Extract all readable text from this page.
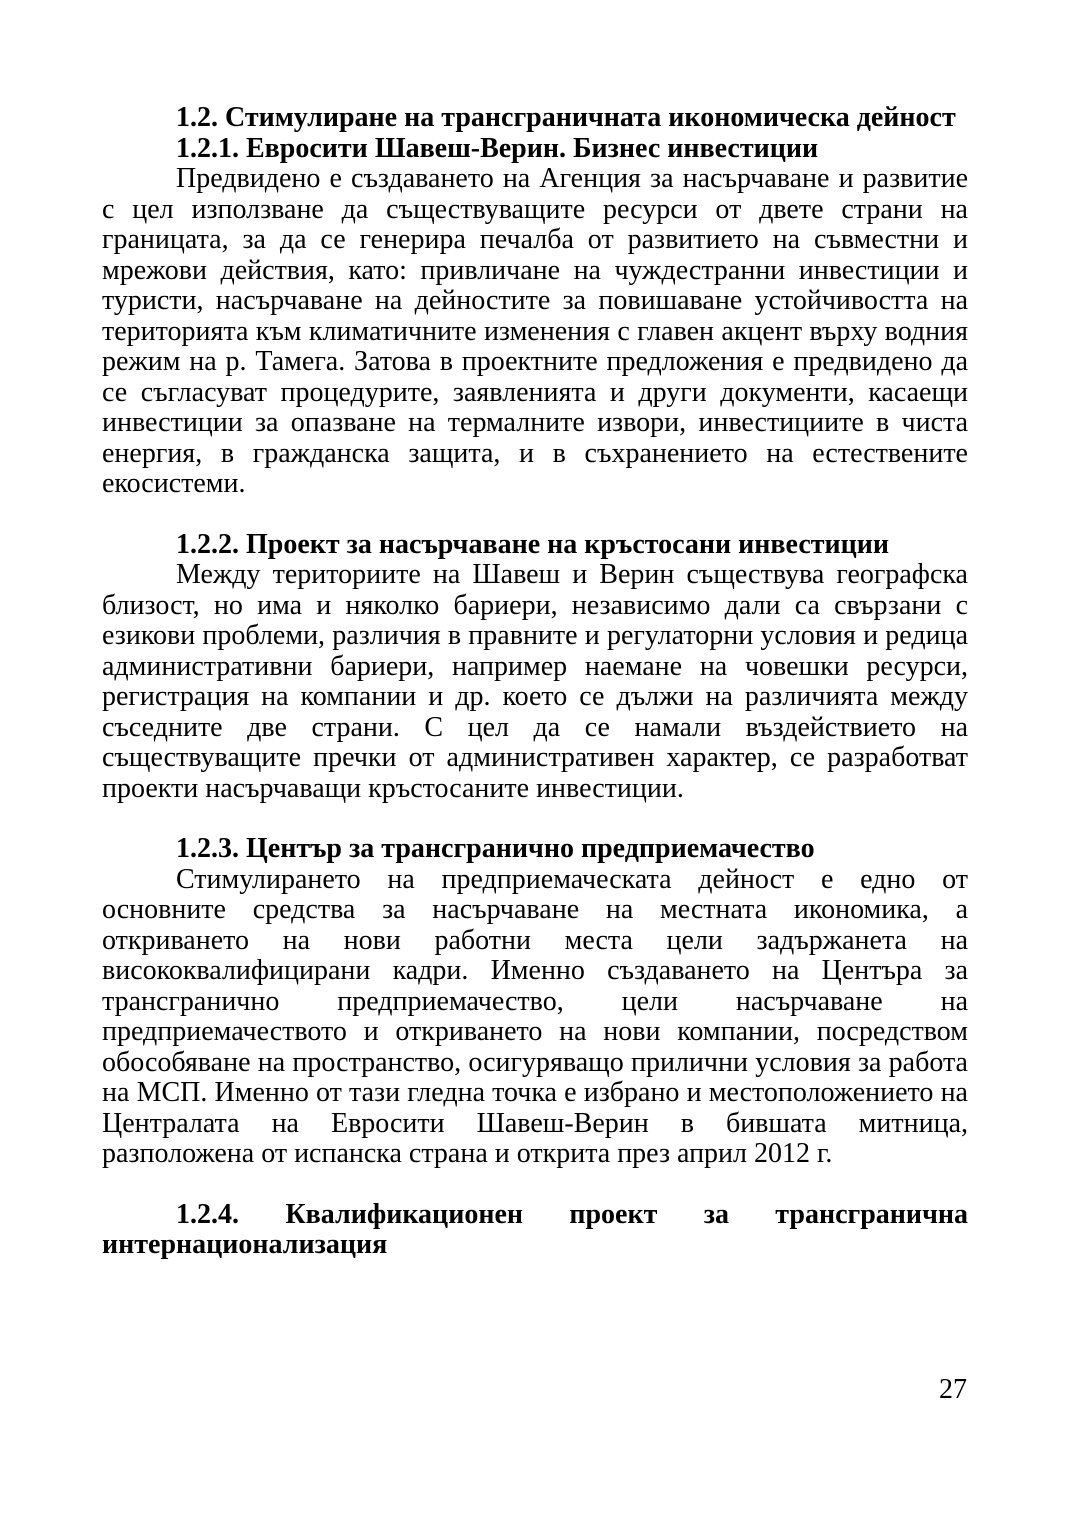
1.2. Стимулиране на трансграничната икономическа дейност

1.2.1. Евросити Шавеш-Верин. Бизнес инвестиции

Предвидено е създаването на Агенция за насърчаване и развитие с цел използване да съществуващите ресурси от двете страни на границата, за да се генерира печалба от развитието на съвместни и мрежови действия, като: привличане на чуждестранни инвестиции и туристи, насърчаване на дейностите за повишаване устойчивостта на територията към климатичните изменения с главен акцент върху водния режим на р. Тамега. Затова в проектните предложения е предвидено да се съгласуват процедурите, заявленията и други документи, касаещи инвестиции за опазване на термалните извори, инвестициите в чиста енергия, в гражданска защита, и в съхранението на естествените екосистеми.

1.2.2. Проект за насърчаване на кръстосани инвестиции

Между териториите на Шавеш и Верин съществува географска близост, но има и няколко бариери, независимо дали са свързани с езикови проблеми, различия в правните и регулаторни условия и редица административни бариери, например наемане на човешки ресурси, регистрация на компании и др. което се дължи на различията между съседните две страни. С цел да се намали въздействието на съществуващите пречки от административен характер, се разработват проекти насърчаващи кръстосаните инвестиции.

1.2.3. Център за трансгранично предприемачество

Стимулирането на предприемаческата дейност е едно от основните средства за насърчаване на местната икономика, а откриването на нови работни места цели задържанета на висококвалифицирани кадри. Именно създаването на Центъра за трансгранично предприемачество, цели насърчаване на предприемачеството и откриването на нови компании, посредством обособяване на пространство, осигуряващо прилични условия за работа на МСП. Именно от тази гледна точка е избрано и местоположението на Централата на Евросити Шавеш-Верин в бившата митница, разположена от испанска страна и открита през април 2012 г.

1.2.4. Квалификационен проект за трансгранична интернационализация

27
